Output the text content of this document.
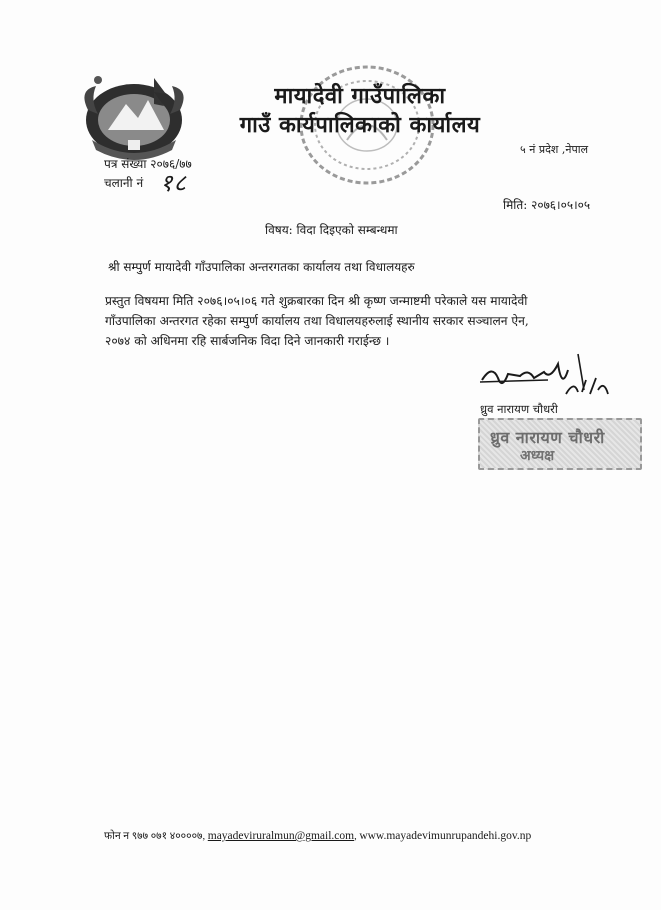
मायादेवी गाउँपालिका
गाउँ कार्यपालिकाको कार्यालय
५ नं प्रदेश ,नेपाल
पत्र संख्या २०७६/७७
चलानी नं १८
मिति: २०७६।०५।०५
विषय: विदा दिइएको सम्बन्धमा
श्री सम्पुर्ण मायादेवी गाँउपालिका अन्तरगतका कार्यालय तथा विधालयहरु
प्रस्तुत विषयमा मिति २०७६।०५।०६ गते शुक्रबारका दिन श्री कृष्ण जन्माष्टमी परेकाले यस मायादेवी
गाँउपालिका अन्तरगत रहेका सम्पुर्ण कार्यालय तथा विधालयहरुलाई स्थानीय सरकार सञ्चालन ऐन,
२०७४ को अधिनमा रहि सार्बजनिक विदा दिने जानकारी गराईन्छ ।
ध्रुव नारायण चौधरी
ध्रुव नारायण चौधरी
अध्यक्ष
फोन न ९७७ ०७१ ४००००७, mayadeviruralmun@gmail.com, www.mayadevimunrupandehi.gov.np
